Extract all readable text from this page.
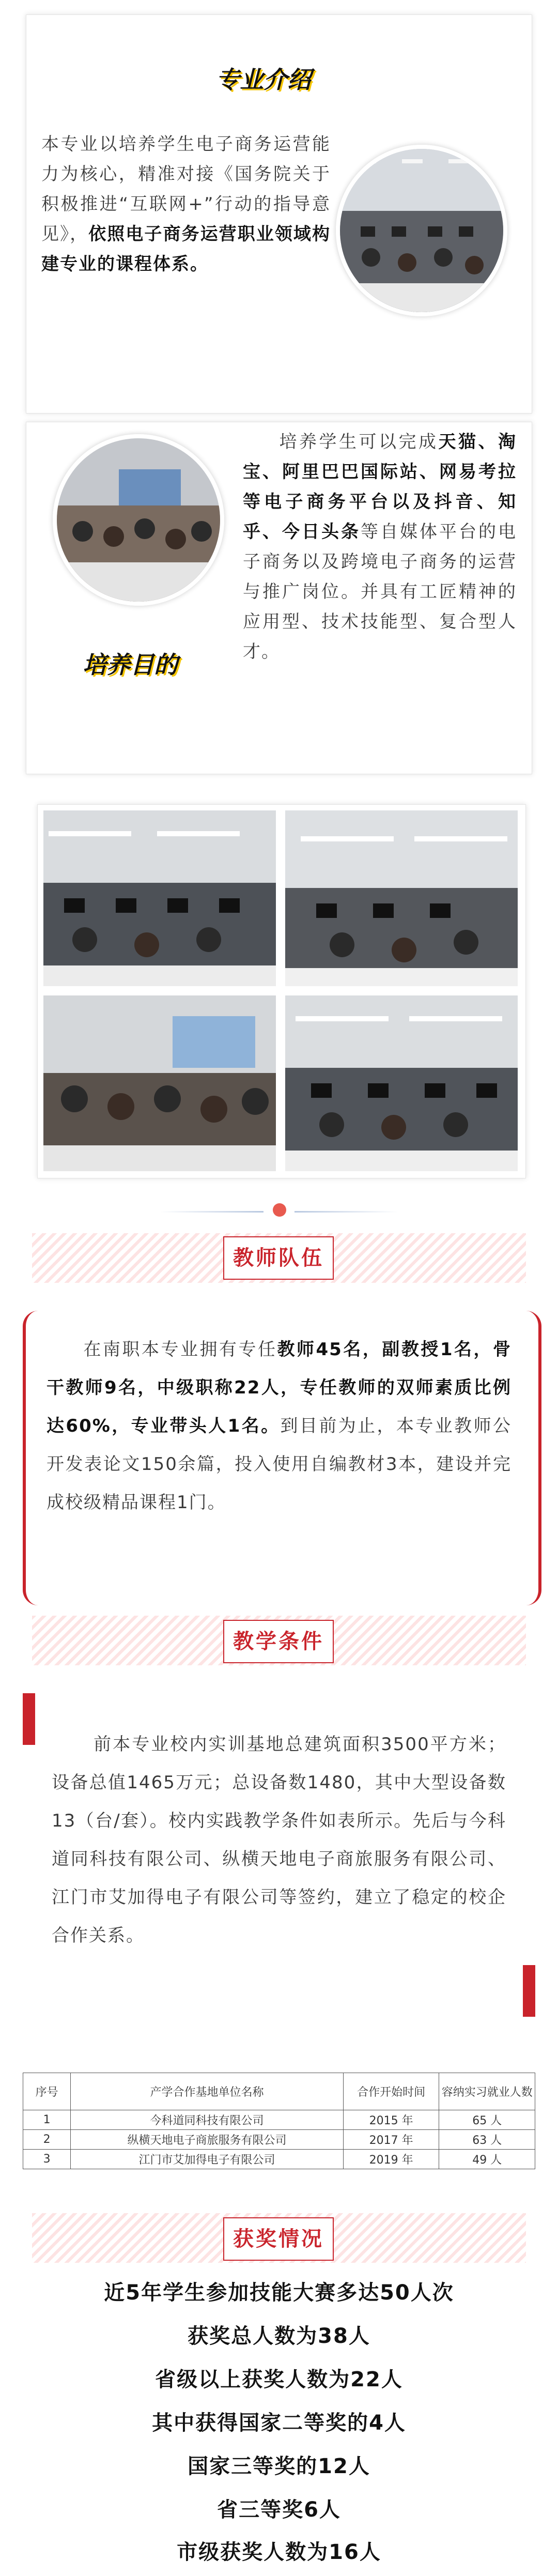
专业介绍

本专业以培养学生电子商务运营能力为核心，精准对接《国务院关于积极推进“互联网+”行动的指导意见》，依照电子商务运营职业领域构建专业的课程体系。

培养目的

培养学生可以完成天猫、淘宝、阿里巴巴国际站、网易考拉等电子商务平台以及抖音、知乎、今日头条等自媒体平台的电子商务以及跨境电子商务的运营与推广岗位。并具有工匠精神的应用型、技术技能型、复合型人才。

教师队伍

在南职本专业拥有专任教师45名，副教授1名，骨干教师9名，中级职称22人，专任教师的双师素质比例达60%，专业带头人1名。到目前为止，本专业教师公开发表论文150余篇，投入使用自编教材3本，建设并完成校级精品课程1门。

教学条件

前本专业校内实训基地总建筑面积3500平方米；设备总值1465万元；总设备数1480，其中大型设备数13（台/套）。校内实践教学条件如表所示。先后与今科道同科技有限公司、纵横天地电子商旅服务有限公司、江门市艾加得电子有限公司等签约，建立了稳定的校企合作关系。

序号	产学合作基地单位名称	合作开始时间	容纳实习就业人数
1	今科道同科技有限公司	2015 年	65 人
2	纵横天地电子商旅服务有限公司	2017 年	63 人
3	江门市艾加得电子有限公司	2019 年	49 人
获奖情况
近5年学生参加技能大赛多达50人次
获奖总人数为38人
省级以上获奖人数为22人
其中获得国家二等奖的4人
国家三等奖的12人
省三等奖6人
市级获奖人数为16人
